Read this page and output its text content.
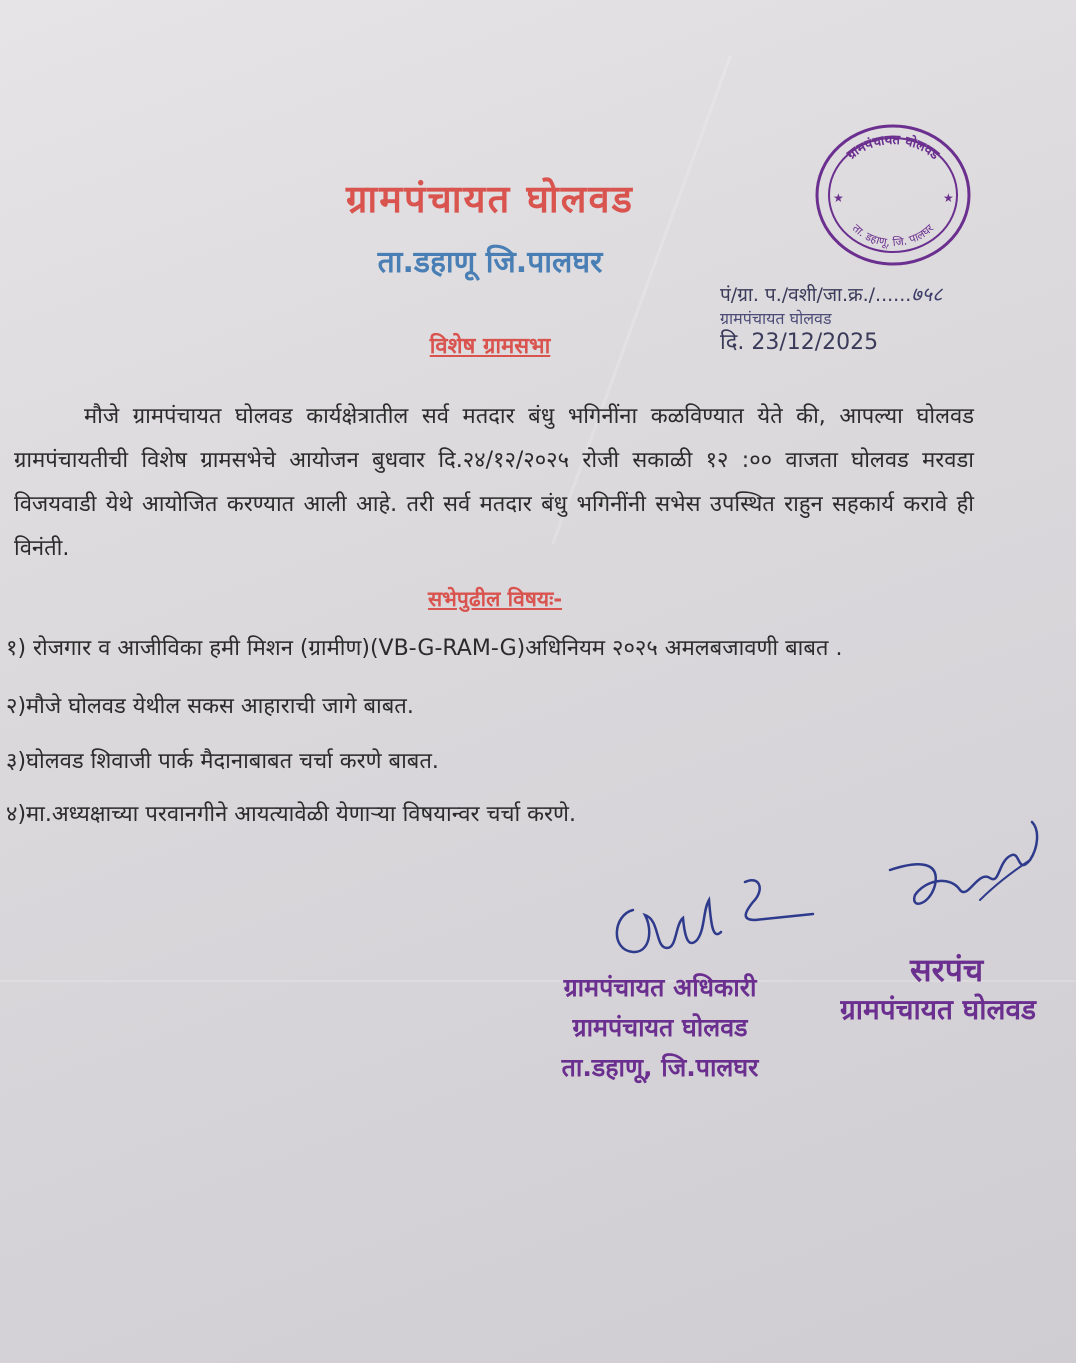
ग्रामपंचायत घोलवड
ता.डहाणू जि.पालघर
ग्रामपंचायत घोलवड
ता. डहाणू, जि. पालघर
★	★
पं/ग्रा. प./वशी/जा.क्र./......७५८
ग्रामपंचायत घोलवड
दि. 23/12/2025
विशेष ग्रामसभा
मौजे ग्रामपंचायत घोलवड कार्यक्षेत्रातील सर्व मतदार बंधु भगिनींना कळविण्यात येते की, आपल्या घोलवड ग्रामपंचायतीची विशेष ग्रामसभेचे आयोजन बुधवार दि.२४/१२/२०२५ रोजी सकाळी १२ :०० वाजता घोलवड मरवडा विजयवाडी येथे आयोजित करण्यात आली आहे. तरी सर्व मतदार बंधु भगिनींनी सभेस उपस्थित राहुन सहकार्य करावे ही विनंती.
सभेपुढील विषयः-
१) रोजगार व आजीविका हमी मिशन (ग्रामीण)(VB-G-RAM-G)अधिनियम २०२५ अमलबजावणी बाबत .
२)मौजे घोलवड येथील सकस आहाराची जागे बाबत.
३)घोलवड शिवाजी पार्क मैदानाबाबत चर्चा करणे बाबत.
४)मा.अध्यक्षाच्या परवानगीने आयत्यावेळी येणाऱ्या विषयान्वर चर्चा करणे.
ग्रामपंचायत अधिकारी
ग्रामपंचायत घोलवड
ता.डहाणू, जि.पालघर
सरपंच
ग्रामपंचायत घोलवड
